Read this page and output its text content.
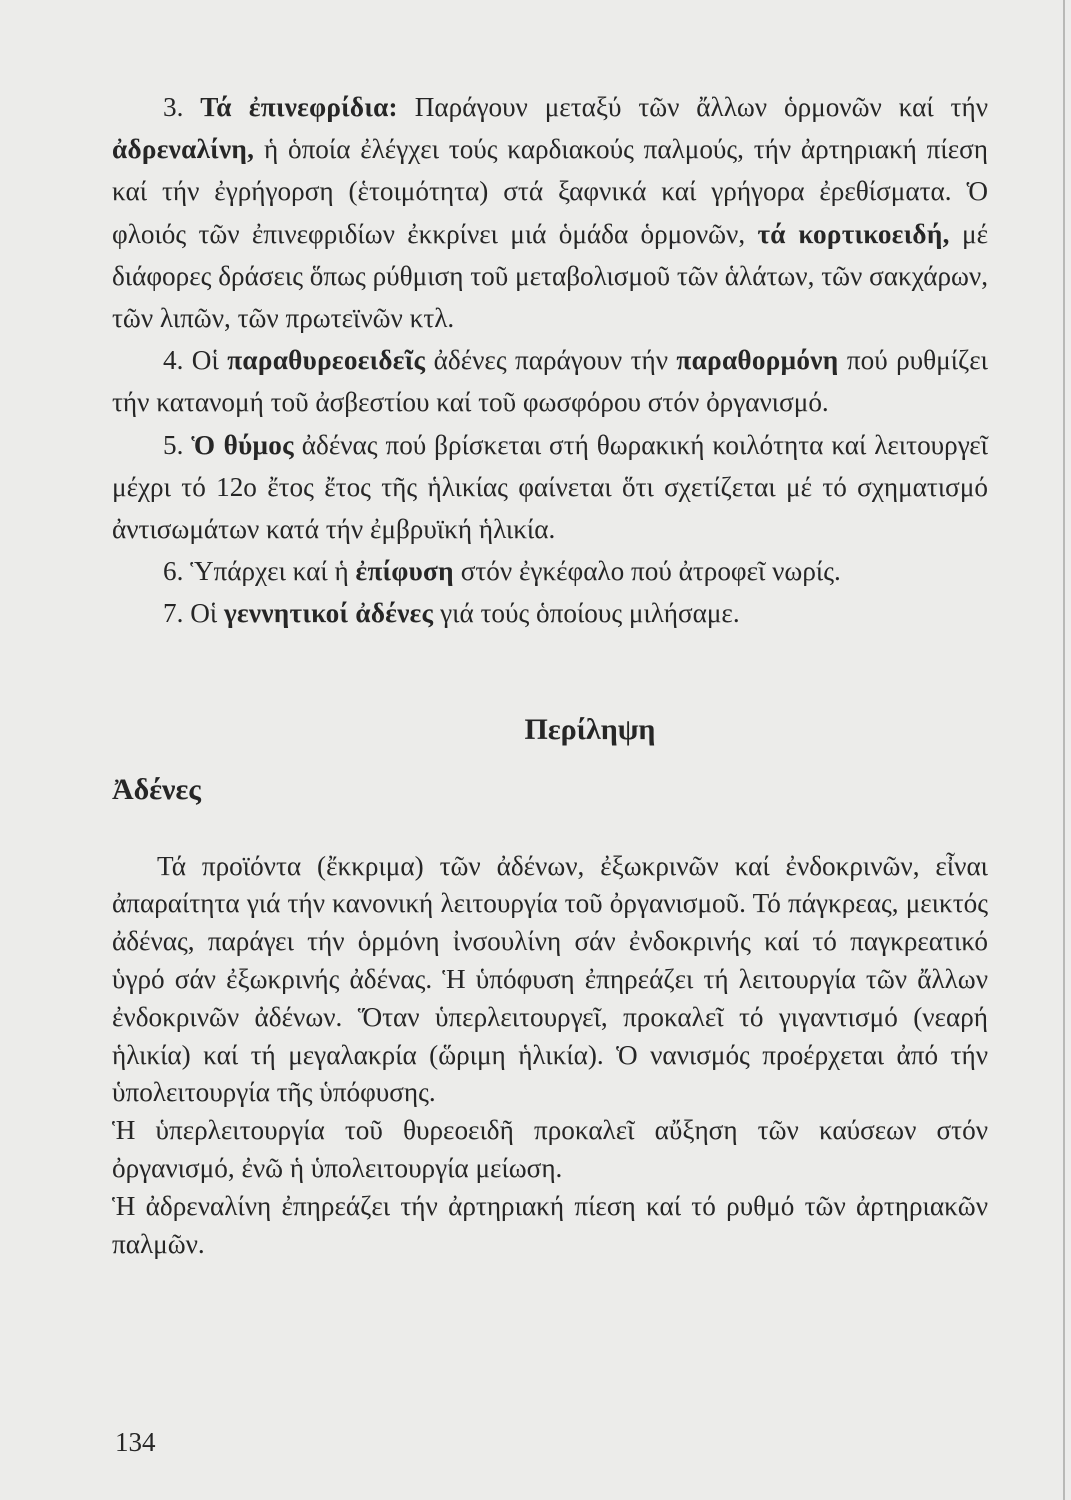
3. Τά ἐπινεφρίδια: Παράγουν μεταξύ τῶν ἄλλων ὁρμονῶν καί τήν ἀδρεναλίνη, ἡ ὁποία ἐλέγχει τούς καρδιακούς παλμούς, τήν ἀρτηριακή πίεση καί τήν ἐγρήγορση (ἑτοιμότητα) στά ξαφνικά καί γρήγορα ἐρεθίσματα. Ὁ φλοιός τῶν ἐπινεφριδίων ἐκκρίνει μιά ὁμάδα ὁρμονῶν, τά κορτικοειδή, μέ διάφορες δράσεις ὅπως ρύθμιση τοῦ μεταβολισμοῦ τῶν ἁλάτων, τῶν σακχάρων, τῶν λιπῶν, τῶν πρωτεϊνῶν κτλ.

4. Οἱ παραθυρεοειδεῖς ἀδένες παράγουν τήν παραθορμόνη πού ρυθμίζει τήν κατανομή τοῦ ἀσβεστίου καί τοῦ φωσφόρου στόν ὀργανισμό.

5. Ὁ θύμος ἀδένας πού βρίσκεται στή θωρακική κοιλότητα καί λειτουργεῖ μέχρι τό 12ο ἔτος ἔτος τῆς ἡλικίας φαίνεται ὅτι σχετίζεται μέ τό σχηματισμό ἀντισωμάτων κατά τήν ἐμβρυϊκή ἡλικία.

6. Ὑπάρχει καί ἡ ἐπίφυση στόν ἐγκέφαλο πού ἀτροφεῖ νωρίς.

7. Οἱ γεννητικοί ἀδένες γιά τούς ὁποίους μιλήσαμε.

Περίληψη
Ἀδένες

Τά προϊόντα (ἔκκριμα) τῶν ἀδένων, ἐξωκρινῶν καί ἐνδοκρινῶν, εἶναι ἀπαραίτητα γιά τήν κανονική λειτουργία τοῦ ὀργανισμοῦ. Τό πάγκρεας, μεικτός ἀδένας, παράγει τήν ὁρμόνη ἰνσουλίνη σάν ἐνδοκρινής καί τό παγκρεατικό ὑγρό σάν ἐξωκρινής ἀδένας. Ἡ ὑπόφυση ἐπηρεάζει τή λειτουργία τῶν ἄλλων ἐνδοκρινῶν ἀδένων. Ὅταν ὑπερλειτουργεῖ, προκαλεῖ τό γιγαντισμό (νεαρή ἡλικία) καί τή μεγαλακρία (ὥριμη ἡλικία). Ὁ νανισμός προέρχεται ἀπό τήν ὑπολειτουργία τῆς ὑπόφυσης.

Ἡ ὑπερλειτουργία τοῦ θυρεοειδῆ προκαλεῖ αὔξηση τῶν καύσεων στόν ὀργανισμό, ἐνῶ ἡ ὑπολειτουργία μείωση.

Ἡ ἀδρεναλίνη ἐπηρεάζει τήν ἀρτηριακή πίεση καί τό ρυθμό τῶν ἀρτηριακῶν παλμῶν.

134
